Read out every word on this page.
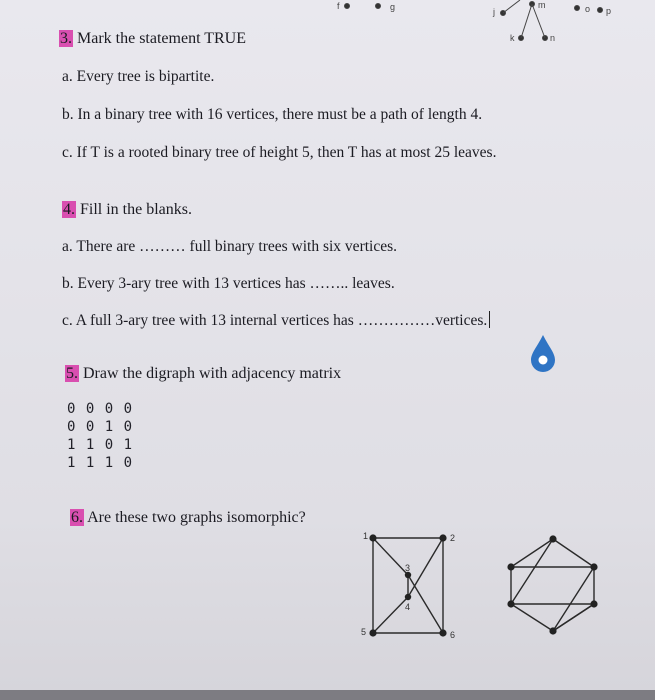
f	g	j
m	o p
k	n
3. Mark the statement TRUE
a. Every tree is bipartite.
b. In a binary tree with 16 vertices, there must be a path of length 4.
c. If T is a rooted binary tree of height 5, then T has at most 25 leaves.
4. Fill in the blanks.
a. There are ……… full binary trees with six vertices.
b. Every 3-ary tree with 13 vertices has …….. leaves.
c. A full 3-ary tree with 13 internal vertices has ……………vertices.
5. Draw the digraph with adjacency matrix
0 0 0 0
0 0 1 0
1 1 0 1
1 1 1 0
6. Are these two graphs isomorphic?
1	2
3
4
5	6
